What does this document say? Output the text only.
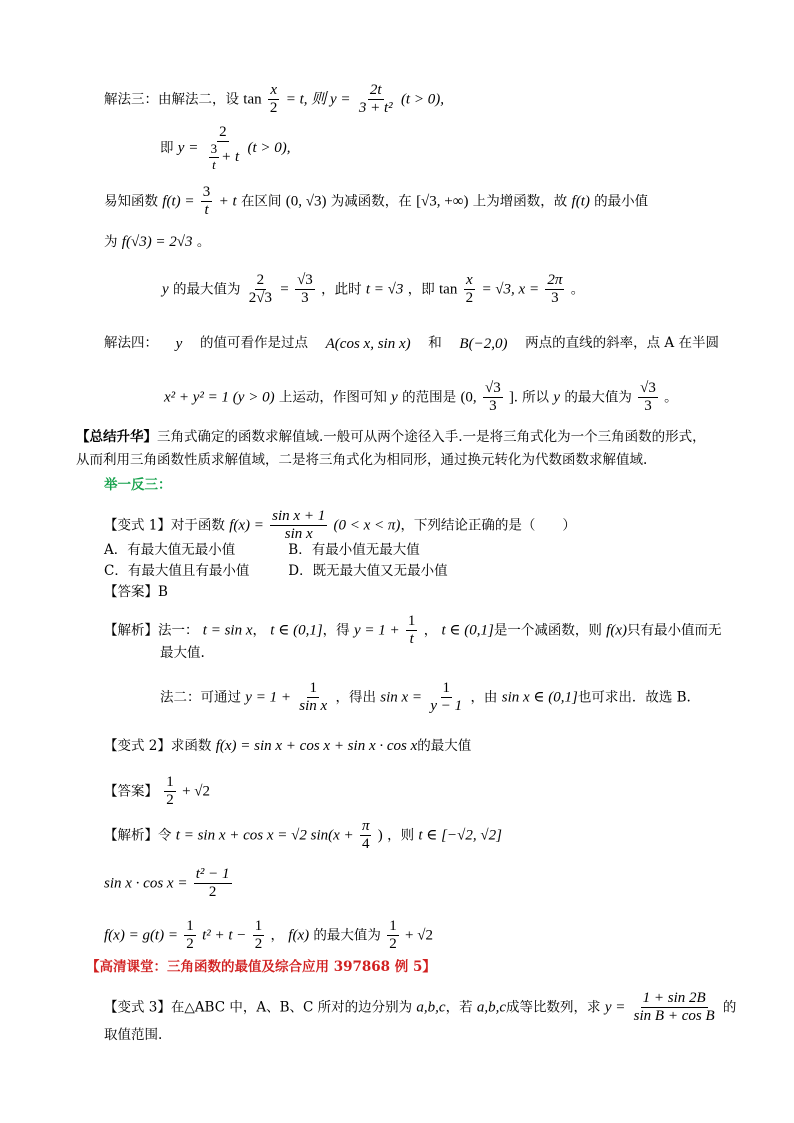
解法三：由解法二，设 $\tan \frac{x}{2} = t$, 则 $y = \frac{2t}{\text{3 + t²}} (t > 0)$,
即 $y = \frac{2}{\frac{3}{t} + t} (t > 0)$,
易知函数 $f(t) = \frac{3}{t} + t$ 在区间 (0, √3) 为减函数，在 [√3, +∞) 上为增函数，故 f(t) 的最小值
为 f(√3) = 2√3 。
y 的最大值为 $\frac{2}{2√3} = \frac{√3}{3}$ ，此时 t = √3 ，即 $\tan \frac{x}{2} = √3$, $x = \frac{2\pi}{3}$ 。
解法四： y 的值可看作是过点 A(cos x, sin x) 和 B(−2,0) 两点的直线的斜率，点 A 在半圆
x² + y² = 1 (y > 0) 上运动，作图可知 y 的范围是 (0, $\frac{√3}{3}$ ]. 所以 y 的最大值为 $\frac{√3}{3}$ 。
【总结升华】三角式确定的函数求解值域.一般可从两个途径入手.一是将三角式化为一个三角函数的形式，
从而利用三角函数性质求解值域，二是将三角式化为相同形，通过换元转化为代数函数求解值域.
举一反三：
【变式 1】对于函数 $f(x) = \frac{\text{sin x + 1}}{\text{sin x}} (0 < x < \pi)$，下列结论正确的是（　　）
A．有最大值无最小值	B．有最小值无最大值
C．有最大值且有最小值	D．既无最大值又无最小值
【答案】B
【解析】法一： t = sin x， t ∈ (0,1]，得 $y = 1 + \frac{1}{t}$ ， t ∈ (0,1]是一个减函数，则 f(x)只有最小值而无
最大值.
法二：可通过 $y = 1 + \frac{1}{\text{sin x}}$ ，得出 $\sin x = \frac{1}{y - 1}$ ，由 sin x ∈ (0,1]也可求出．故选 B.
【变式 2】求函数 f(x) = sin x + cos x + sin x · cos x的最大值
【答案】 $\frac{1}{2} + √2$
【解析】令 t = sin x + cos x = √2 $\sin(x + \frac{\pi}{4}$ ) ，则 t ∈ [−√2, √2]
$\sin x \cdot \cos x = \frac{\text{t² − 1}}{2}$
$f(x) = g(t) = \frac{1}{2} t^2 + t - \frac{1}{2}$ ， f(x) 的最大值为 $\frac{1}{2} + √2$
【高清课堂：三角函数的最值及综合应用 397868 例 5】
【变式 3】在△ABC 中，A、B、C 所对的边分别为 a,b,c，若 a,b,c成等比数列，求 $y = \frac{1 + \sin 2B}{\text{sin B + cos B}}$ 的
取值范围.
